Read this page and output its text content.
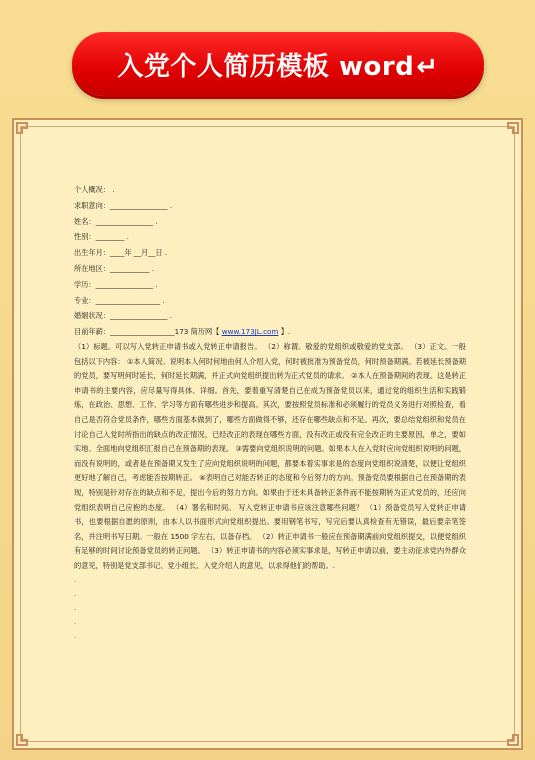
入党个人简历模板 word↵
个人概况： .
求职意向：________________ .
姓名：________________ .
性别：________ .
出生年月：____年 __月__日 .
所在地区：___________ .
学历：________________ .
专业：__________________ .
婚姻状况：________________ .
目前年薪：__________________173 简历网【 www.173JL.com 】.
（1）标题。可以写入党转正申请书或入党转正申请报告。 （2）称谓。敬爱的党组织或敬爱的党支部。 （3）正文。一般包括以下内容： ①本人简况。说明本人何时何地由何人介绍入党，何时被批准为预备党员，何时预备期满。若被延长预备期的党员，要写明何时延长，何时延长期满，并正式向党组织提出转为正式党员的请求。 ②本人在预备期间的表现。这是转正申请书的主要内容，应尽量写得具体、详细。首先，要着重写清楚自己在成为预备党员以来，通过党的组织生活和实践锻炼，在政治、思想、工作、学习等方面有哪些进步和提高。其次，要按照党员标准和必须履行的党员义务进行对照检查，看自己是否符合党员条件，哪些方面基本做到了，哪些方面做得不够，还存在哪些缺点和不足。再次，要总结党组织和党员在讨论自己入党时所指出的缺点的改正情况，已经改正的表现在哪些方面，没有改正或没有完全改正的主要原因，单之，要如实地、全面地向党组织汇报自己在预备期的表现。 ③需要向党组织说明的问题。如果本人在入党时应向党组织说明的问题，而没有说明的，或者是在预备期又发生了应向党组织说明的问题，都要本着实事求是的态度向党组织说清楚，以便让党组织更好地了解自己，考虑能否按期转正。 ④表明自己对能否转正的态度和今后努力的方向。预备党员要根据自己在预备期的表现，特别是针对存在的缺点和不足，提出今后的努力方向。如果由于还未具备转正条件而不能按期转为正式党员的，还应向党组织表明自己应抱的态度。 （4）署名和时间。 写入党转正申请书应该注意哪些问题？ （1）预备党员写入党转正申请书，也要根据自愿的原则，由本人以书面形式向党组织提出。要用钢笔书写，写完后要认真检查有无错误，最后要亲笔签名，并注明书写日期。一般在 1500 字左右，以备存档。 （2）转正申请书一般应在预备期满前向党组织提交，以便党组织有足够的时间讨论预备党员的转正问题。 （3）转正申请书的内容必须实事求是，写转正申请以前，要主动征求党内外群众的意见，特别是党支部书记、党小组长、入党介绍人的意见，以求得他们的帮助。.
.
.
.
.
.
